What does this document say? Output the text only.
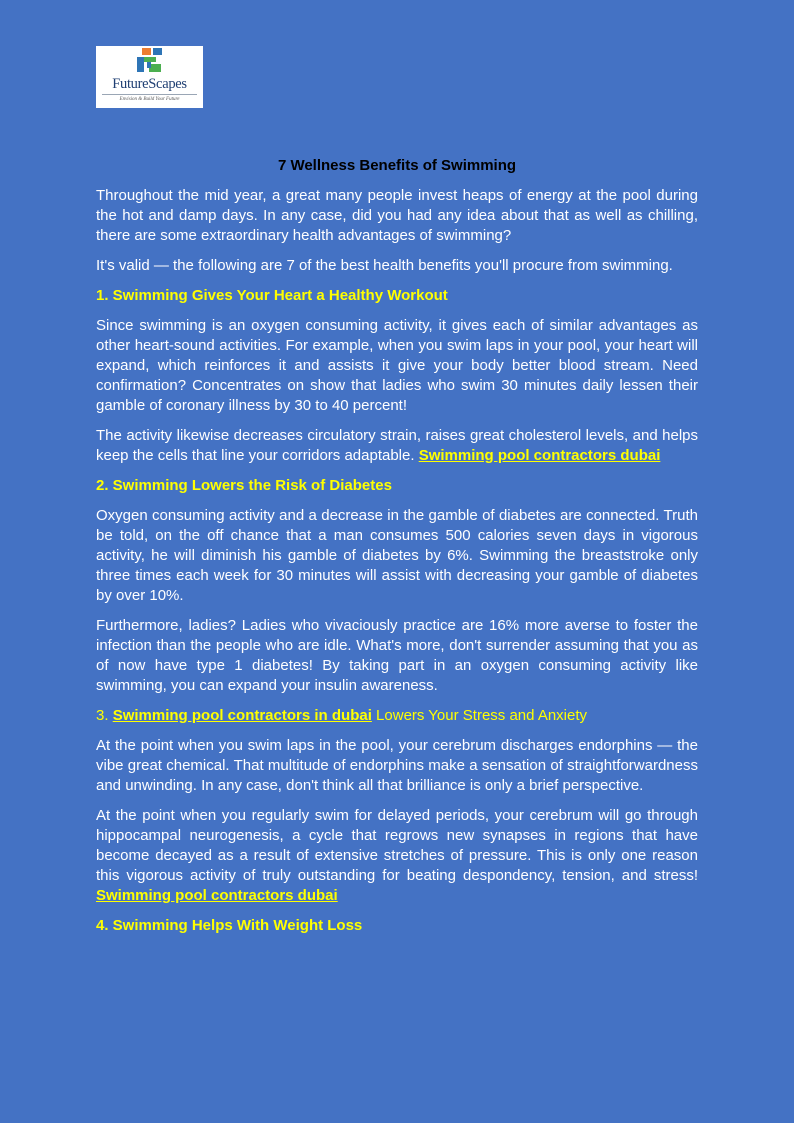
FutureScapes
Envision & Build Your Future
7 Wellness Benefits of Swimming

Throughout the mid year, a great many people invest heaps of energy at the pool during the hot and damp days. In any case, did you had any idea about that as well as chilling, there are some extraordinary health advantages of swimming?

It's valid — the following are 7 of the best health benefits you'll procure from swimming.

1. Swimming Gives Your Heart a Healthy Workout

Since swimming is an oxygen consuming activity, it gives each of similar advantages as other heart-sound activities. For example, when you swim laps in your pool, your heart will expand, which reinforces it and assists it give your body better blood stream. Need confirmation? Concentrates on show that ladies who swim 30 minutes daily lessen their gamble of coronary illness by 30 to 40 percent!

The activity likewise decreases circulatory strain, raises great cholesterol levels, and helps keep the cells that line your corridors adaptable. Swimming pool contractors dubai

2. Swimming Lowers the Risk of Diabetes

Oxygen consuming activity and a decrease in the gamble of diabetes are connected. Truth be told, on the off chance that a man consumes 500 calories seven days in vigorous activity, he will diminish his gamble of diabetes by 6%. Swimming the breaststroke only three times each week for 30 minutes will assist with decreasing your gamble of diabetes by over 10%.

Furthermore, ladies? Ladies who vivaciously practice are 16% more averse to foster the infection than the people who are idle. What's more, don't surrender assuming that you as of now have type 1 diabetes! By taking part in an oxygen consuming activity like swimming, you can expand your insulin awareness.

3. Swimming pool contractors in dubai Lowers Your Stress and Anxiety

At the point when you swim laps in the pool, your cerebrum discharges endorphins — the vibe great chemical. That multitude of endorphins make a sensation of straightforwardness and unwinding. In any case, don't think all that brilliance is only a brief perspective.

At the point when you regularly swim for delayed periods, your cerebrum will go through hippocampal neurogenesis, a cycle that regrows new synapses in regions that have become decayed as a result of extensive stretches of pressure. This is only one reason this vigorous activity of truly outstanding for beating despondency, tension, and stress! Swimming pool contractors dubai

4. Swimming Helps With Weight Loss
